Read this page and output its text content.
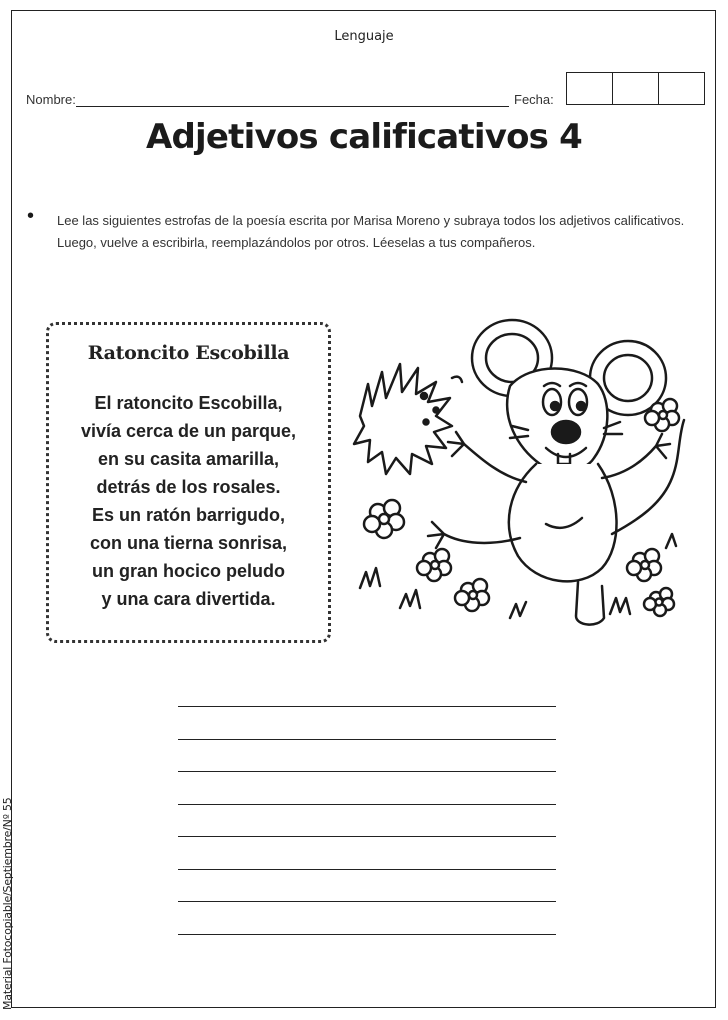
Material Fotocopiable/Septiembre/Nº 55
Lenguaje
Nombre:	Fecha:
Adjetivos calificativos 4
• Lee las siguientes estrofas de la poesía escrita por Marisa Moreno y subraya todos los adjetivos calificativos. Luego, vuelve a escribirla, reemplazándolos por otros. Léeselas a tus compañeros.
Ratoncito Escobilla
El ratoncito Escobilla,
vivía cerca de un parque,
en su casita amarilla,
detrás de los rosales.
Es un ratón barrigudo,
con una tierna sonrisa,
un gran hocico peludo
y una cara divertida.
